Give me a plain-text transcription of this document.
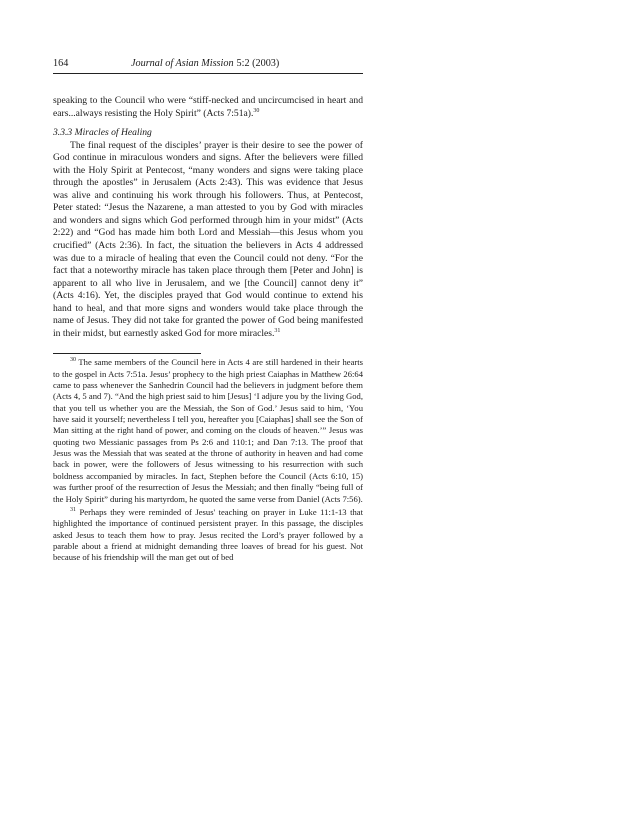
164	Journal of Asian Mission 5:2 (2003)

speaking to the Council who were “stiff-necked and uncircumcised in heart and ears...always resisting the Holy Spirit” (Acts 7:51a).$^{30}$

3.3.3 Miracles of Healing

The final request of the disciples’ prayer is their desire to see the power of God continue in miraculous wonders and signs. After the believers were filled with the Holy Spirit at Pentecost, “many wonders and signs were taking place through the apostles” in Jerusalem (Acts 2:43). This was evidence that Jesus was alive and continuing his work through his followers. Thus, at Pentecost, Peter stated: “Jesus the Nazarene, a man attested to you by God with miracles and wonders and signs which God performed through him in your midst” (Acts 2:22) and “God has made him both Lord and Messiah—this Jesus whom you crucified” (Acts 2:36). In fact, the situation the believers in Acts 4 addressed was due to a miracle of healing that even the Council could not deny. “For the fact that a noteworthy miracle has taken place through them [Peter and John] is apparent to all who live in Jerusalem, and we [the Council] cannot deny it” (Acts 4:16). Yet, the disciples prayed that God would continue to extend his hand to heal, and that more signs and wonders would take place through the name of Jesus. They did not take for granted the power of God being manifested in their midst, but earnestly asked God for more miracles.$^{31}$

$^{30}$ The same members of the Council here in Acts 4 are still hardened in their hearts to the gospel in Acts 7:51a. Jesus’ prophecy to the high priest Caiaphas in Matthew 26:64 came to pass whenever the Sanhedrin Council had the believers in judgment before them (Acts 4, 5 and 7). “And the high priest said to him [Jesus] ‘I adjure you by the living God, that you tell us whether you are the Messiah, the Son of God.’ Jesus said to him, ‘You have said it yourself; nevertheless I tell you, hereafter you [Caiaphas] shall see the Son of Man sitting at the right hand of power, and coming on the clouds of heaven.’” Jesus was quoting two Messianic passages from Ps 2:6 and 110:1; and Dan 7:13. The proof that Jesus was the Messiah that was seated at the throne of authority in heaven and had come back in power, were the followers of Jesus witnessing to his resurrection with such boldness accompanied by miracles. In fact, Stephen before the Council (Acts 6:10, 15) was further proof of the resurrection of Jesus the Messiah; and then finally “being full of the Holy Spirit” during his martyrdom, he quoted the same verse from Daniel (Acts 7:56).

$^{31}$ Perhaps they were reminded of Jesus' teaching on prayer in Luke 11:1-13 that highlighted the importance of continued persistent prayer. In this passage, the disciples asked Jesus to teach them how to pray. Jesus recited the Lord’s prayer followed by a parable about a friend at midnight demanding three loaves of bread for his guest. Not because of his friendship will the man get out of bed
